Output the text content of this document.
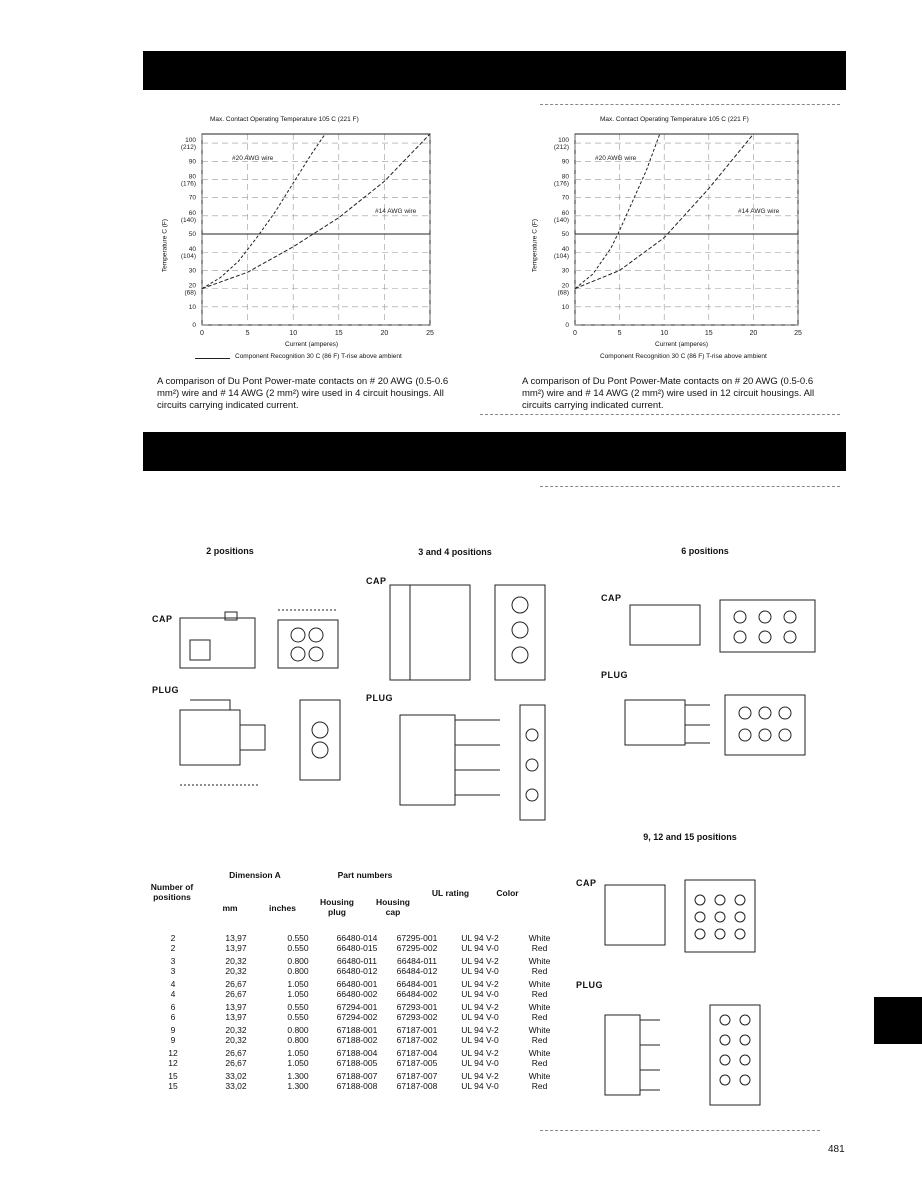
Max. Contact Operating Temperature 105 C (221 F)
0	5	10	15	20	25
0
10
20
(68)
30
40
(104)
50
60
(140)
70
80
(176)
90
100
(212)
#20 AWG wire
#14 AWG wire
Temperature C (F)
Current (amperes)
Component Recognition 30 C (86 F) T-rise above ambient
A comparison of Du Pont Power-mate contacts on # 20 AWG (0.5-0.6 mm²) wire and # 14 AWG (2 mm²) wire used in 4 circuit housings. All circuits carrying indicated current.
Max. Contact Operating Temperature 105 C (221 F)
0	5	10	15	20	25
0
10
20
(68)
30
40
(104)
50
60
(140)
70
80
(176)
90
100
(212)
#20 AWG wire
#14 AWG wire
Temperature C (F)
Current (amperes)
Component Recognition 30 C (86 F) T-rise above ambient
A comparison of Du Pont Power-Mate contacts on # 20 AWG (0.5-0.6 mm²) wire and # 14 AWG (2 mm²) wire used in 12 circuit housings. All circuits carrying indicated current.
2 positions	3 and 4 positions	6 positions
9, 12 and 15 positions
CAP
PLUG
CAP
PLUG
CAP
PLUG
CAP
PLUG
Number of positions
Dimension A
mm	inches
Part numbers
Housing plug
Housing cap
UL rating	Color
2	13,97	0.550	66480-014	67295-001	UL 94 V-2	White
2	13,97	0.550	66480-015	67295-002	UL 94 V-0	Red

3	20,32	0.800	66480-011	66484-011	UL 94 V-2	White
3	20,32	0.800	66480-012	66484-012	UL 94 V-0	Red

4	26,67	1.050	66480-001	66484-001	UL 94 V-2	White
4	26,67	1.050	66480-002	66484-002	UL 94 V-0	Red

6	13,97	0.550	67294-001	67293-001	UL 94 V-2	White
6	13,97	0.550	67294-002	67293-002	UL 94 V-0	Red

9	20,32	0.800	67188-001	67187-001	UL 94 V-2	White
9	20,32	0.800	67188-002	67187-002	UL 94 V-0	Red

12	26,67	1.050	67188-004	67187-004	UL 94 V-2	White
12	26,67	1.050	67188-005	67187-005	UL 94 V-0	Red

15	33,02	1.300	67188-007	67187-007	UL 94 V-2	White
15	33,02	1.300	67188-008	67187-008	UL 94 V-0	Red

481
